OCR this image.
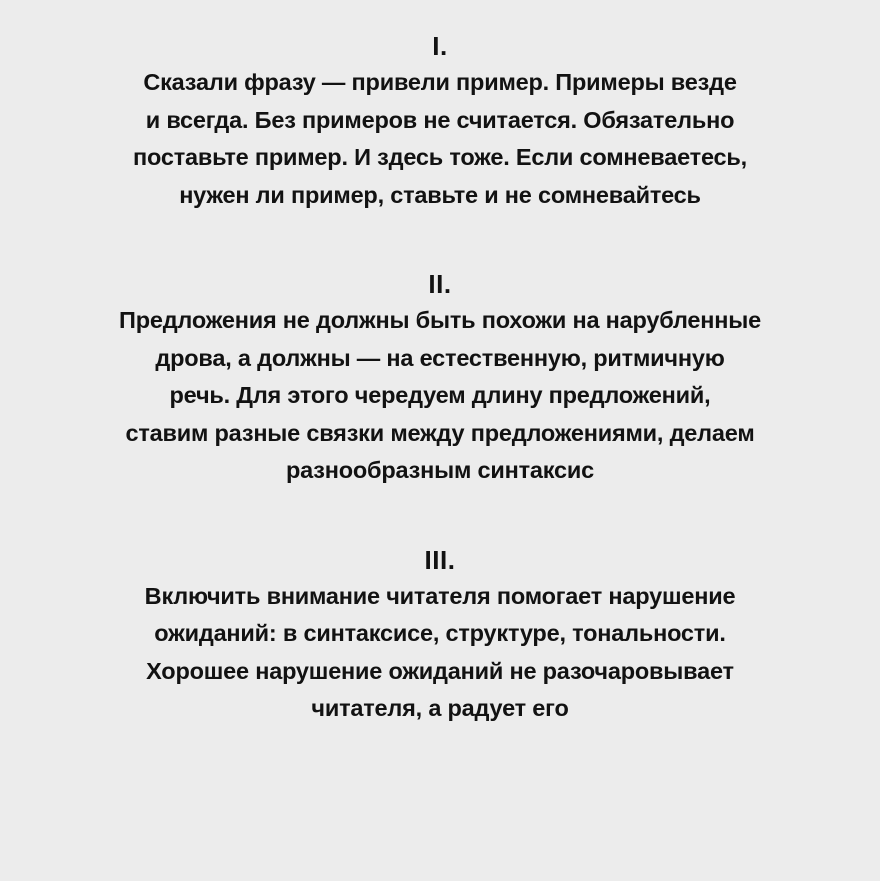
I.
Сказали фразу — привели пример. Примеры везде
и всегда. Без примеров не считается. Обязательно
поставьте пример. И здесь тоже. Если сомневаетесь,
нужен ли пример, ставьте и не сомневайтесь
II.
Предложения не должны быть похожи на нарубленные
дрова, а должны — на естественную, ритмичную
речь. Для этого чередуем длину предложений,
ставим разные связки между предложениями, делаем
разнообразным синтаксис
III.
Включить внимание читателя помогает нарушение
ожиданий: в синтаксисе, структуре, тональности.
Хорошее нарушение ожиданий не разочаровывает
читателя, а радует его
